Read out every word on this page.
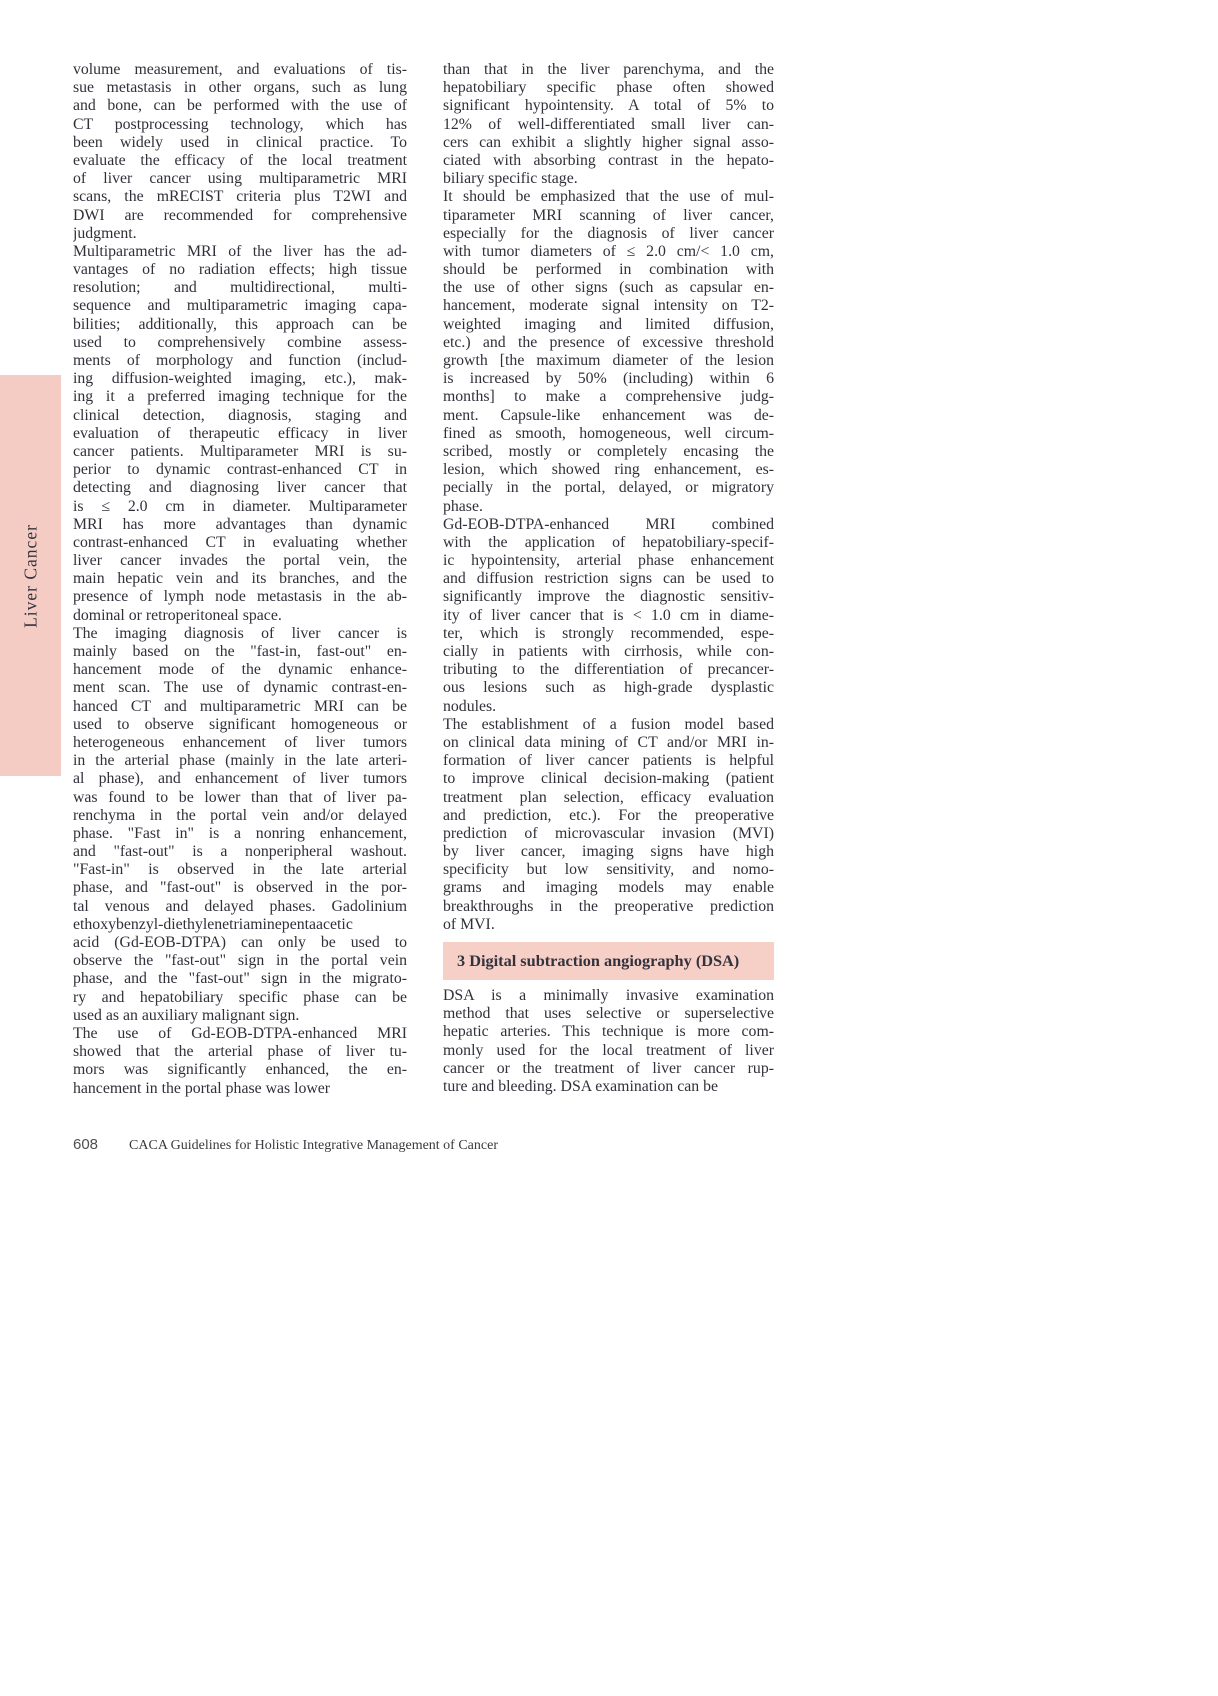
Liver Cancer
volume measurement, and evaluations of tis-
sue metastasis in other organs, such as lung
and bone, can be performed with the use of
CT postprocessing technology, which has
been widely used in clinical practice. To
evaluate the efficacy of the local treatment
of liver cancer using multiparametric MRI
scans, the mRECIST criteria plus T2WI and
DWI are recommended for comprehensive
judgment.
Multiparametric MRI of the liver has the ad-
vantages of no radiation effects; high tissue
resolution; and multidirectional, multi-
sequence and multiparametric imaging capa-
bilities; additionally, this approach can be
used to comprehensively combine assess-
ments of morphology and function (includ-
ing diffusion-weighted imaging, etc.), mak-
ing it a preferred imaging technique for the
clinical detection, diagnosis, staging and
evaluation of therapeutic efficacy in liver
cancer patients. Multiparameter MRI is su-
perior to dynamic contrast-enhanced CT in
detecting and diagnosing liver cancer that
is ≤ 2.0 cm in diameter. Multiparameter
MRI has more advantages than dynamic
contrast-enhanced CT in evaluating whether
liver cancer invades the portal vein, the
main hepatic vein and its branches, and the
presence of lymph node metastasis in the ab-
dominal or retroperitoneal space.
The imaging diagnosis of liver cancer is
mainly based on the "fast-in, fast-out" en-
hancement mode of the dynamic enhance-
ment scan. The use of dynamic contrast-en-
hanced CT and multiparametric MRI can be
used to observe significant homogeneous or
heterogeneous enhancement of liver tumors
in the arterial phase (mainly in the late arteri-
al phase), and enhancement of liver tumors
was found to be lower than that of liver pa-
renchyma in the portal vein and/or delayed
phase. "Fast in" is a nonring enhancement,
and "fast-out" is a nonperipheral washout.
"Fast-in" is observed in the late arterial
phase, and "fast-out" is observed in the por-
tal venous and delayed phases. Gadolinium
ethoxybenzyl-diethylenetriaminepentaacetic
acid (Gd-EOB-DTPA) can only be used to
observe the "fast-out" sign in the portal vein
phase, and the "fast-out" sign in the migrato-
ry and hepatobiliary specific phase can be
used as an auxiliary malignant sign.
The use of Gd-EOB-DTPA-enhanced MRI
showed that the arterial phase of liver tu-
mors was significantly enhanced, the en-
hancement in the portal phase was lower
than that in the liver parenchyma, and the
hepatobiliary specific phase often showed
significant hypointensity. A total of 5% to
12% of well-differentiated small liver can-
cers can exhibit a slightly higher signal asso-
ciated with absorbing contrast in the hepato-
biliary specific stage.
It should be emphasized that the use of mul-
tiparameter MRI scanning of liver cancer,
especially for the diagnosis of liver cancer
with tumor diameters of ≤ 2.0 cm/< 1.0 cm,
should be performed in combination with
the use of other signs (such as capsular en-
hancement, moderate signal intensity on T2-
weighted imaging and limited diffusion,
etc.) and the presence of excessive threshold
growth [the maximum diameter of the lesion
is increased by 50% (including) within 6
months] to make a comprehensive judg-
ment. Capsule-like enhancement was de-
fined as smooth, homogeneous, well circum-
scribed, mostly or completely encasing the
lesion, which showed ring enhancement, es-
pecially in the portal, delayed, or migratory
phase.
Gd-EOB-DTPA-enhanced MRI combined
with the application of hepatobiliary-specif-
ic hypointensity, arterial phase enhancement
and diffusion restriction signs can be used to
significantly improve the diagnostic sensitiv-
ity of liver cancer that is < 1.0 cm in diame-
ter, which is strongly recommended, espe-
cially in patients with cirrhosis, while con-
tributing to the differentiation of precancer-
ous lesions such as high-grade dysplastic
nodules.
The establishment of a fusion model based
on clinical data mining of CT and/or MRI in-
formation of liver cancer patients is helpful
to improve clinical decision-making (patient
treatment plan selection, efficacy evaluation
and prediction, etc.). For the preoperative
prediction of microvascular invasion (MVI)
by liver cancer, imaging signs have high
specificity but low sensitivity, and nomo-
grams and imaging models may enable
breakthroughs in the preoperative prediction
of MVI.
3 Digital subtraction angiography (DSA)
DSA is a minimally invasive examination
method that uses selective or superselective
hepatic arteries. This technique is more com-
monly used for the local treatment of liver
cancer or the treatment of liver cancer rup-
ture and bleeding. DSA examination can be
608 CACA Guidelines for Holistic Integrative Management of Cancer
